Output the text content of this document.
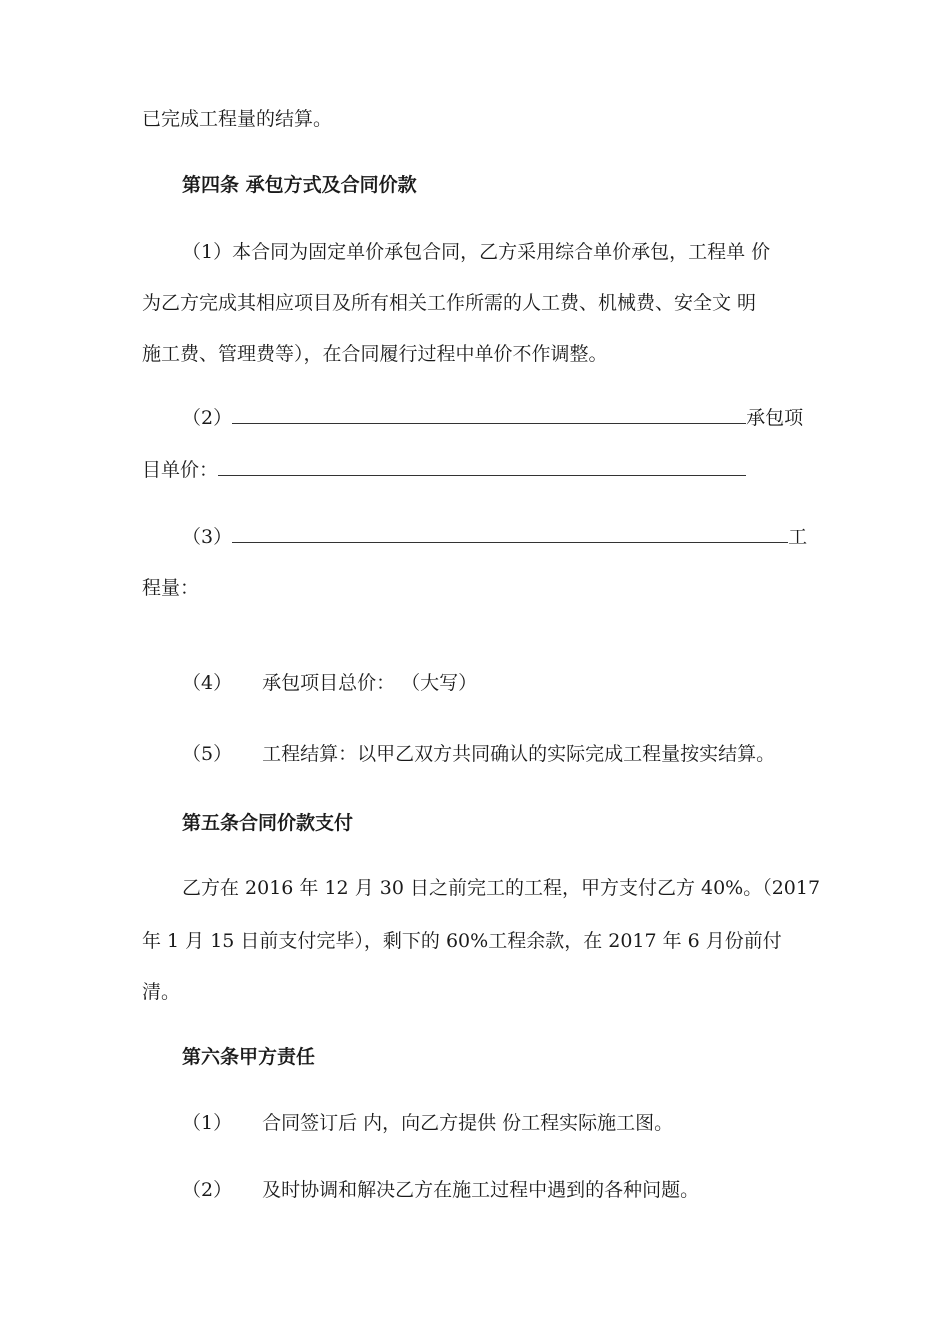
已完成工程量的结算。
第四条 承包方式及合同价款
（1）本合同为固定单价承包合同，乙方采用综合单价承包，工程单 价
为乙方完成其相应项目及所有相关工作所需的人工费、机械费、安全文 明
施工费、管理费等），在合同履行过程中单价不作调整。
（2）	承包项
目单价：
（3）	工
程量：
（4） 承包项目总价： （大写）
（5） 工程结算：以甲乙双方共同确认的实际完成工程量按实结算。
第五条合同价款支付
乙方在 2016 年 12 月 30 日之前完工的工程，甲方支付乙方 40%。（2017
年 1 月 15 日前支付完毕），剩下的 60%工程余款，在 2017 年 6 月份前付
清。
第六条甲方责任
（1） 合同签订后 内，向乙方提供 份工程实际施工图。
（2） 及时协调和解决乙方在施工过程中遇到的各种问题。
